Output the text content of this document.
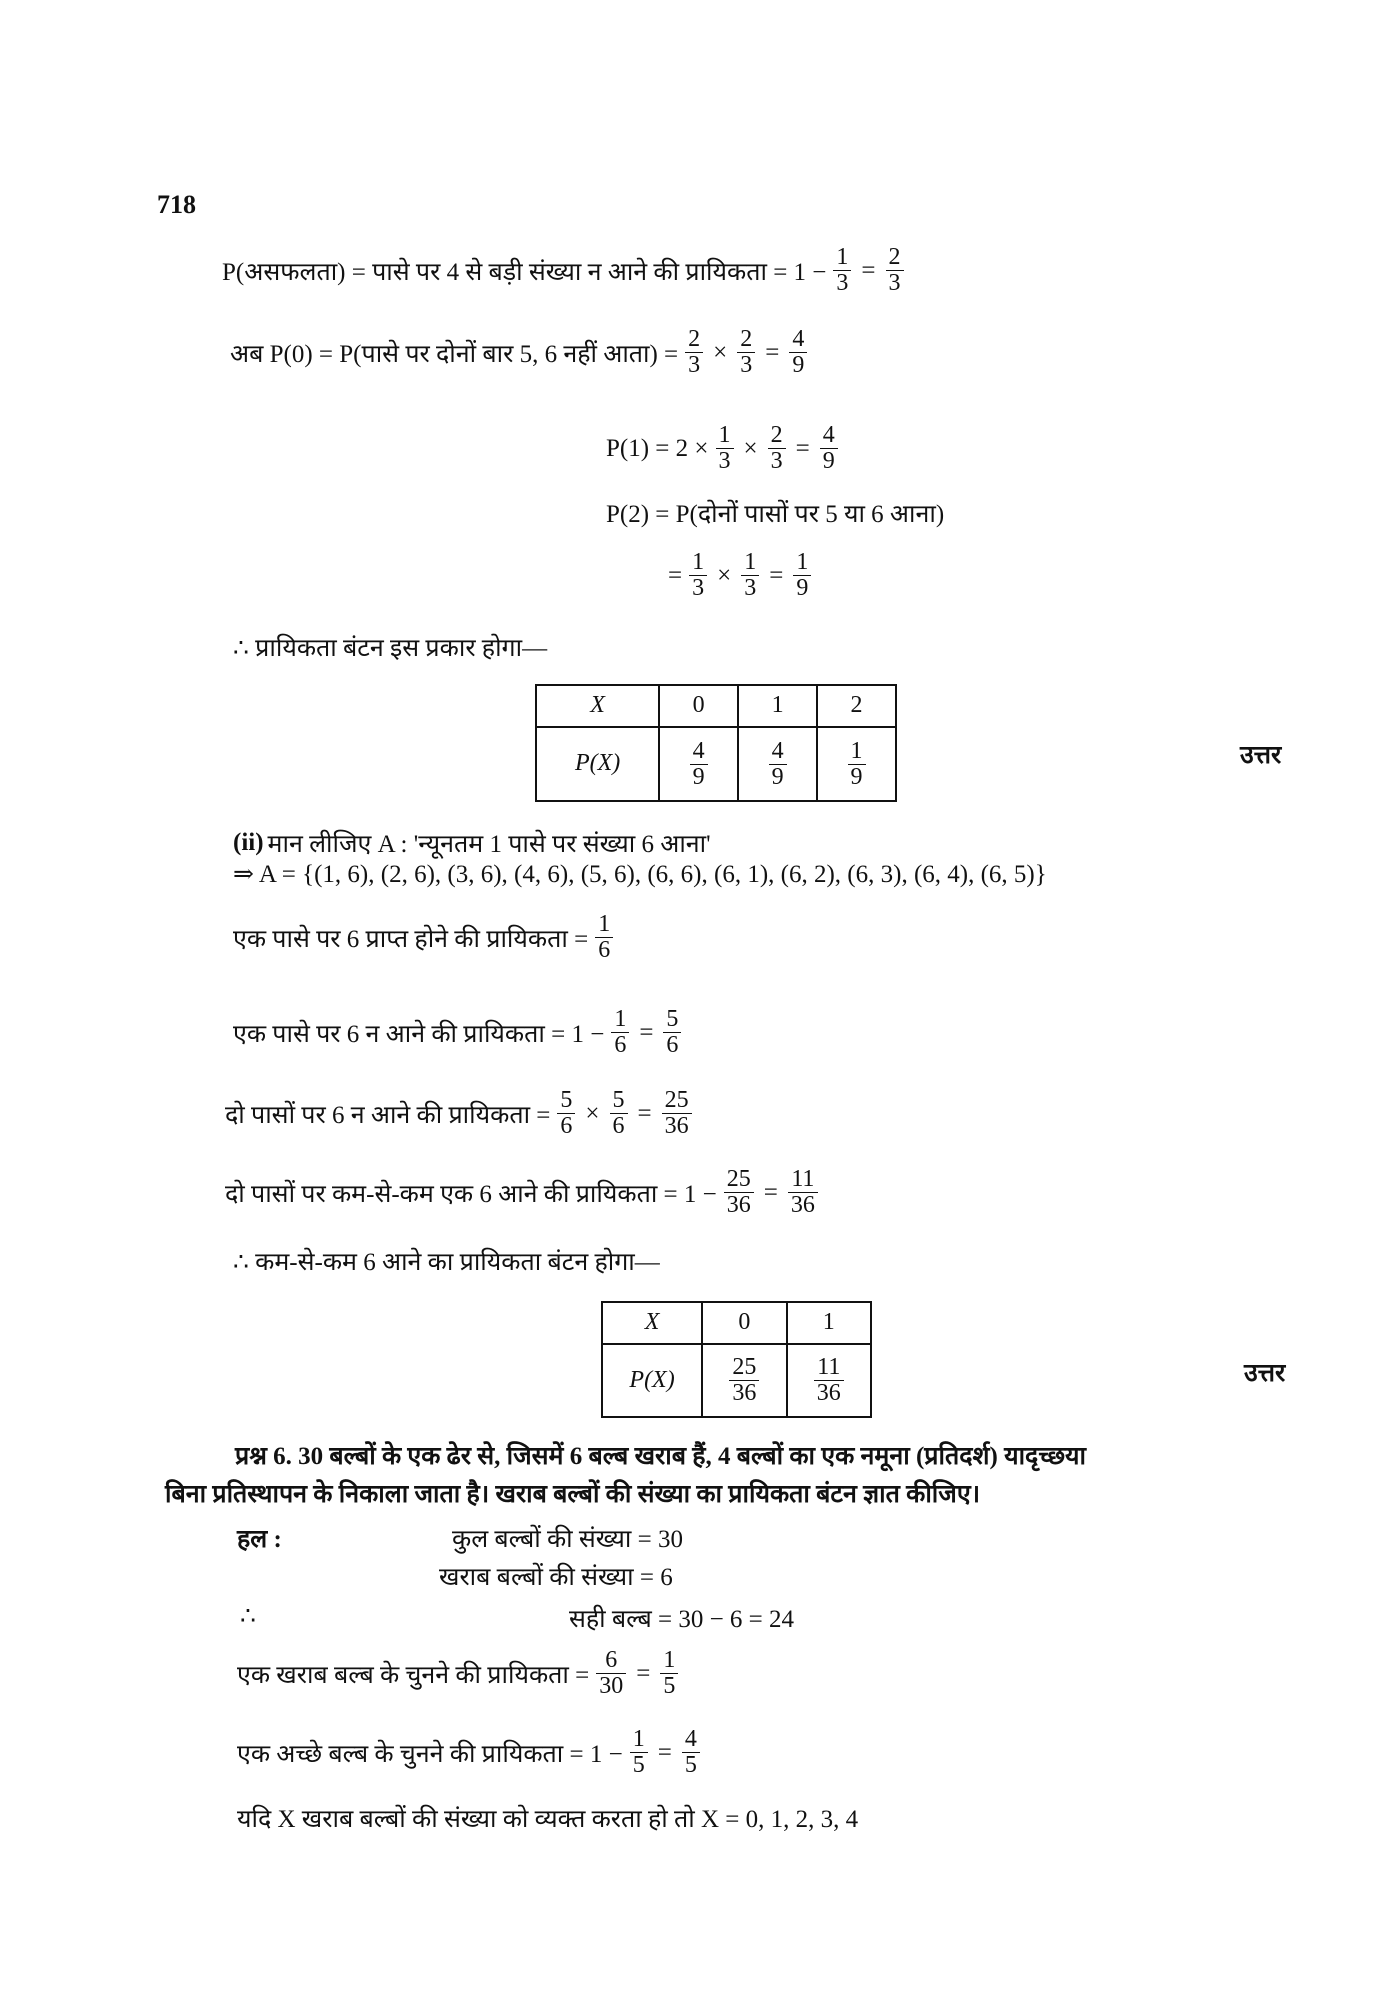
718
P(असफलता) = पासे पर 4 से बड़ी संख्या न आने की प्रायिकता = $1 - \frac{1}{3} = \frac{2}{3}$
अब P(0) = P(पासे पर दोनों बार 5, 6 नहीं आता) = $\frac{2}{3} \times \frac{2}{3} = \frac{4}{9}$
$P(1) = 2 \times \frac{1}{3} \times \frac{2}{3} = \frac{4}{9}$
P(2) = P(दोनों पासों पर 5 या 6 आना)
= $\frac{1}{3} \times \frac{1}{3} = \frac{1}{9}$
∴ प्रायिकता बंटन इस प्रकार होगा—
X	0	1	2
P(X)	$\frac{4}{9}$	$\frac{4}{9}$	$\frac{1}{9}$	उत्तर
(ii) मान लीजिए A : 'न्यूनतम 1 पासे पर संख्या 6 आना'
⇒ A = {(1, 6), (2, 6), (3, 6), (4, 6), (5, 6), (6, 6), (6, 1), (6, 2), (6, 3), (6, 4), (6, 5)}
एक पासे पर 6 प्राप्त होने की प्रायिकता = $\frac{1}{6}$
एक पासे पर 6 न आने की प्रायिकता = $1 - \frac{1}{6} = \frac{5}{6}$
दो पासों पर 6 न आने की प्रायिकता = $\frac{5}{6} \times \frac{5}{6} = \frac{25}{36}$
दो पासों पर कम-से-कम एक 6 आने की प्रायिकता = $1 - \frac{25}{36} = \frac{11}{36}$
∴ कम-से-कम 6 आने का प्रायिकता बंटन होगा—
X	0	1
P(X)	$\frac{25}{36}$	$\frac{11}{36}$	उत्तर
प्रश्न 6. 30 बल्बों के एक ढेर से, जिसमें 6 बल्ब खराब हैं, 4 बल्बों का एक नमूना (प्रतिदर्श) यादृच्छया
बिना प्रतिस्थापन के निकाला जाता है। खराब बल्बों की संख्या का प्रायिकता बंटन ज्ञात कीजिए।
हल :	कुल बल्बों की संख्या = 30
खराब बल्बों की संख्या = 6
∴	सही बल्ब = 30 − 6 = 24
एक खराब बल्ब के चुनने की प्रायिकता = $\frac{6}{30} = \frac{1}{5}$
एक अच्छे बल्ब के चुनने की प्रायिकता = $1 - \frac{1}{5} = \frac{4}{5}$
यदि X खराब बल्बों की संख्या को व्यक्त करता हो तो X = 0, 1, 2, 3, 4
